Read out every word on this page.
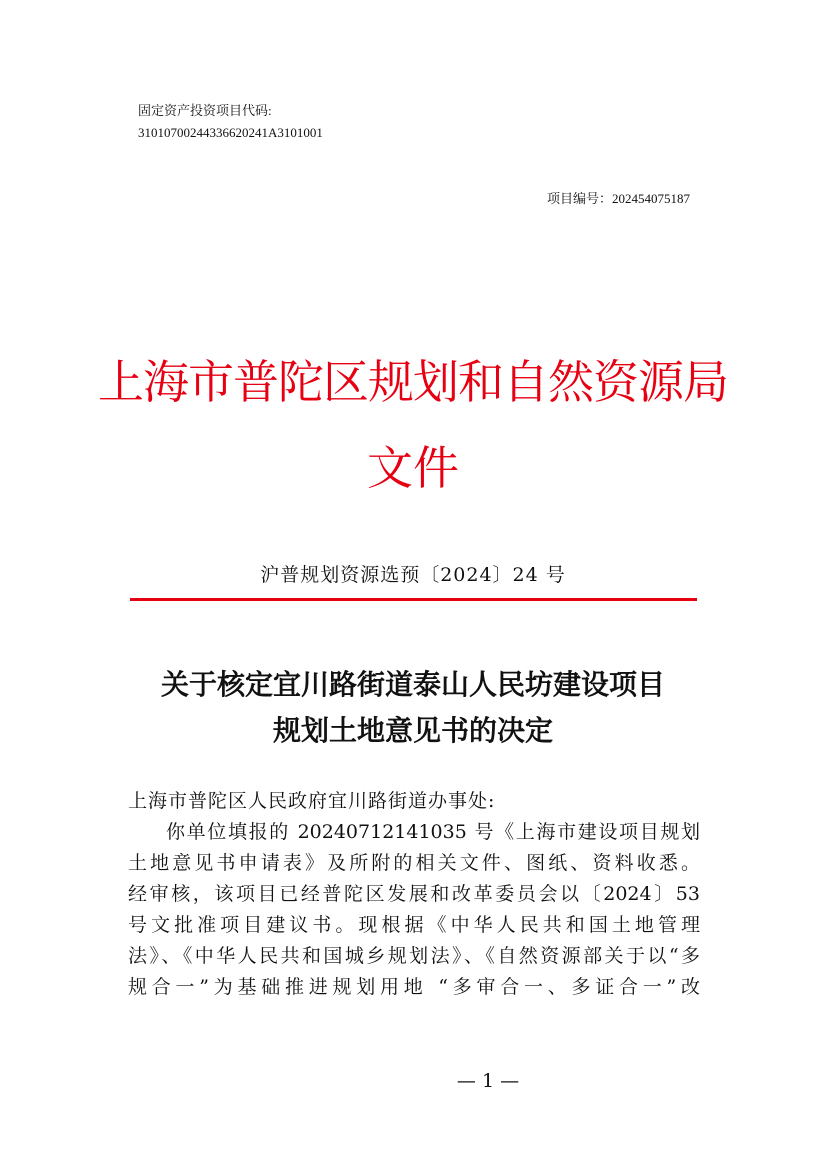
固定资产投资项目代码:
31010700244336620241A3101001
项目编号：202454075187
上海市普陀区规划和自然资源局
文件
沪普规划资源选预〔2024〕24 号
关于核定宜川路街道泰山人民坊建设项目
规划土地意见书的决定
上海市普陀区人民政府宜川路街道办事处:
你单位填报的 20240712141035 号《上海市建设项目规划
土地意见书申请表》及所附的相关文件、图纸、资料收悉。
经审核，该项目已经普陀区发展和改革委员会以〔2024〕53
号文批准项目建议书。现根据《中华人民共和国土地管理
法》、《中华人民共和国城乡规划法》、《自然资源部关于以“多
规合一”为基础推进规划用地 “多审合一、多证合一”改
— 1 —
